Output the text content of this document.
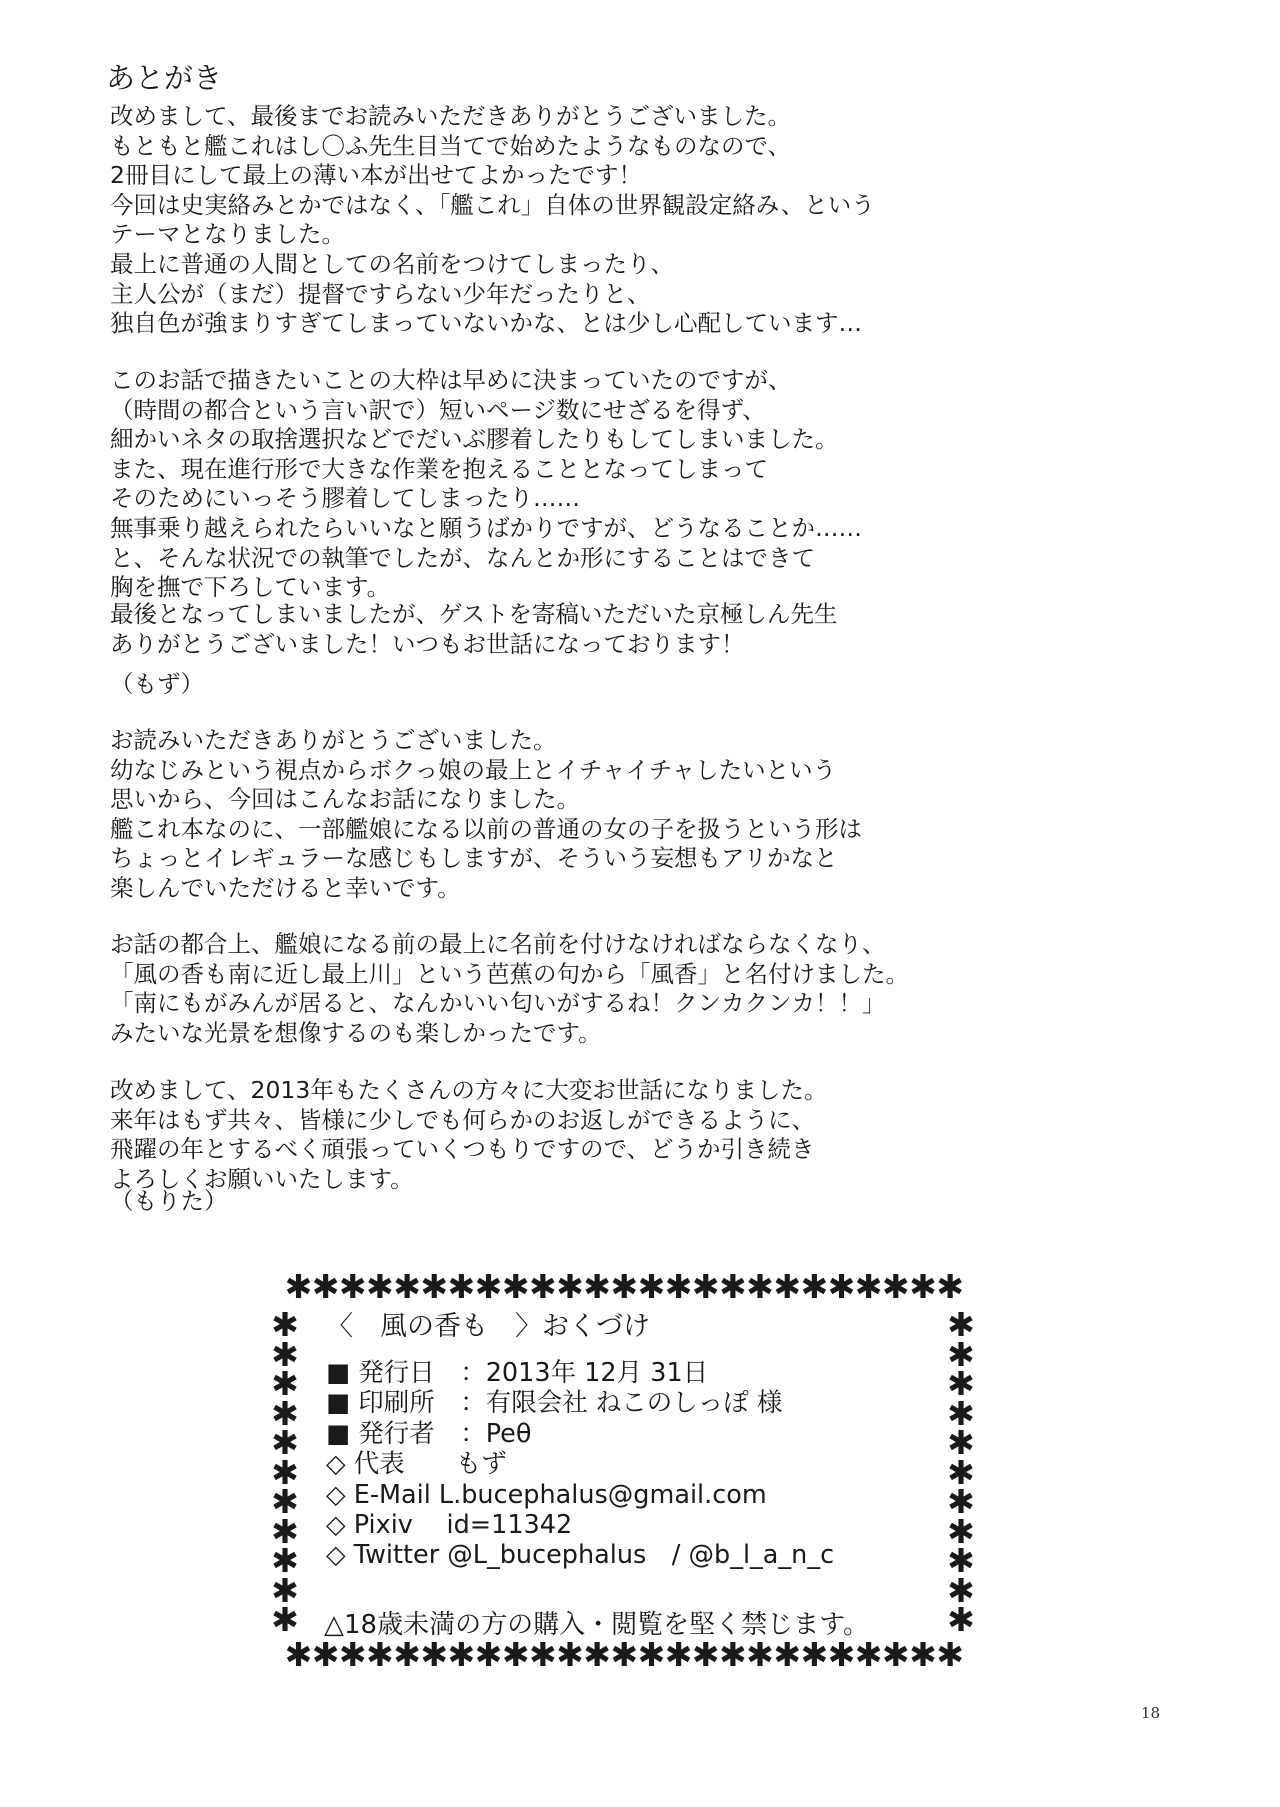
あとがき
改めまして、最後までお読みいただきありがとうございました。
もともと艦これはし〇ふ先生目当てで始めたようなものなので、
2冊目にして最上の薄い本が出せてよかったです！
今回は史実絡みとかではなく、「艦これ」自体の世界観設定絡み、という
テーマとなりました。
最上に普通の人間としての名前をつけてしまったり、
主人公が（まだ）提督ですらない少年だったりと、
独自色が強まりすぎてしまっていないかな、とは少し心配しています…
このお話で描きたいことの大枠は早めに決まっていたのですが、
（時間の都合という言い訳で）短いページ数にせざるを得ず、
細かいネタの取捨選択などでだいぶ膠着したりもしてしまいました。
また、現在進行形で大きな作業を抱えることとなってしまって
そのためにいっそう膠着してしまったり……
無事乗り越えられたらいいなと願うばかりですが、どうなることか……
と、そんな状況での執筆でしたが、なんとか形にすることはできて
胸を撫で下ろしています。
最後となってしまいましたが、ゲストを寄稿いただいた京極しん先生
ありがとうございました！いつもお世話になっております！
（もず）
お読みいただきありがとうございました。
幼なじみという視点からボクっ娘の最上とイチャイチャしたいという
思いから、今回はこんなお話になりました。
艦これ本なのに、一部艦娘になる以前の普通の女の子を扱うという形は
ちょっとイレギュラーな感じもしますが、そういう妄想もアリかなと
楽しんでいただけると幸いです。
お話の都合上、艦娘になる前の最上に名前を付けなければならなくなり、
「風の香も南に近し最上川」という芭蕉の句から「風香」と名付けました。
「南にもがみんが居ると、なんかいい匂いがするね！クンカクンカ！！」
みたいな光景を想像するのも楽しかったです。
改めまして、2013年もたくさんの方々に大変お世話になりました。
来年はもず共々、皆様に少しでも何らかのお返しができるように、
飛躍の年とするべく頑張っていくつもりですので、どうか引き続き
よろしくお願いいたします。
（もりた）
✱✱✱✱✱✱✱✱✱✱✱✱✱✱✱✱✱✱✱✱✱✱✱✱✱
✱
✱
✱
✱
✱
✱
✱
✱
✱
✱
✱
✱
✱
✱
✱
✱
✱
✱
✱
✱
✱
✱
✱✱✱✱✱✱✱✱✱✱✱✱✱✱✱✱✱✱✱✱✱✱✱✱✱
〈　風の香も　〉おくづけ
■ 発行日　：2013年 12月 31日
■ 印刷所　：有限会社 ねこのしっぽ 様
■ 発行者　：Peθ
◇ 代表　　もず
◇ E-Mail L.bucephalus@gmail.com
◇ Pixiv　 id=11342
◇ Twitter @L_bucephalus　/ @b_l_a_n_c
△18歳未満の方の購入・閲覧を堅く禁じます。
18
